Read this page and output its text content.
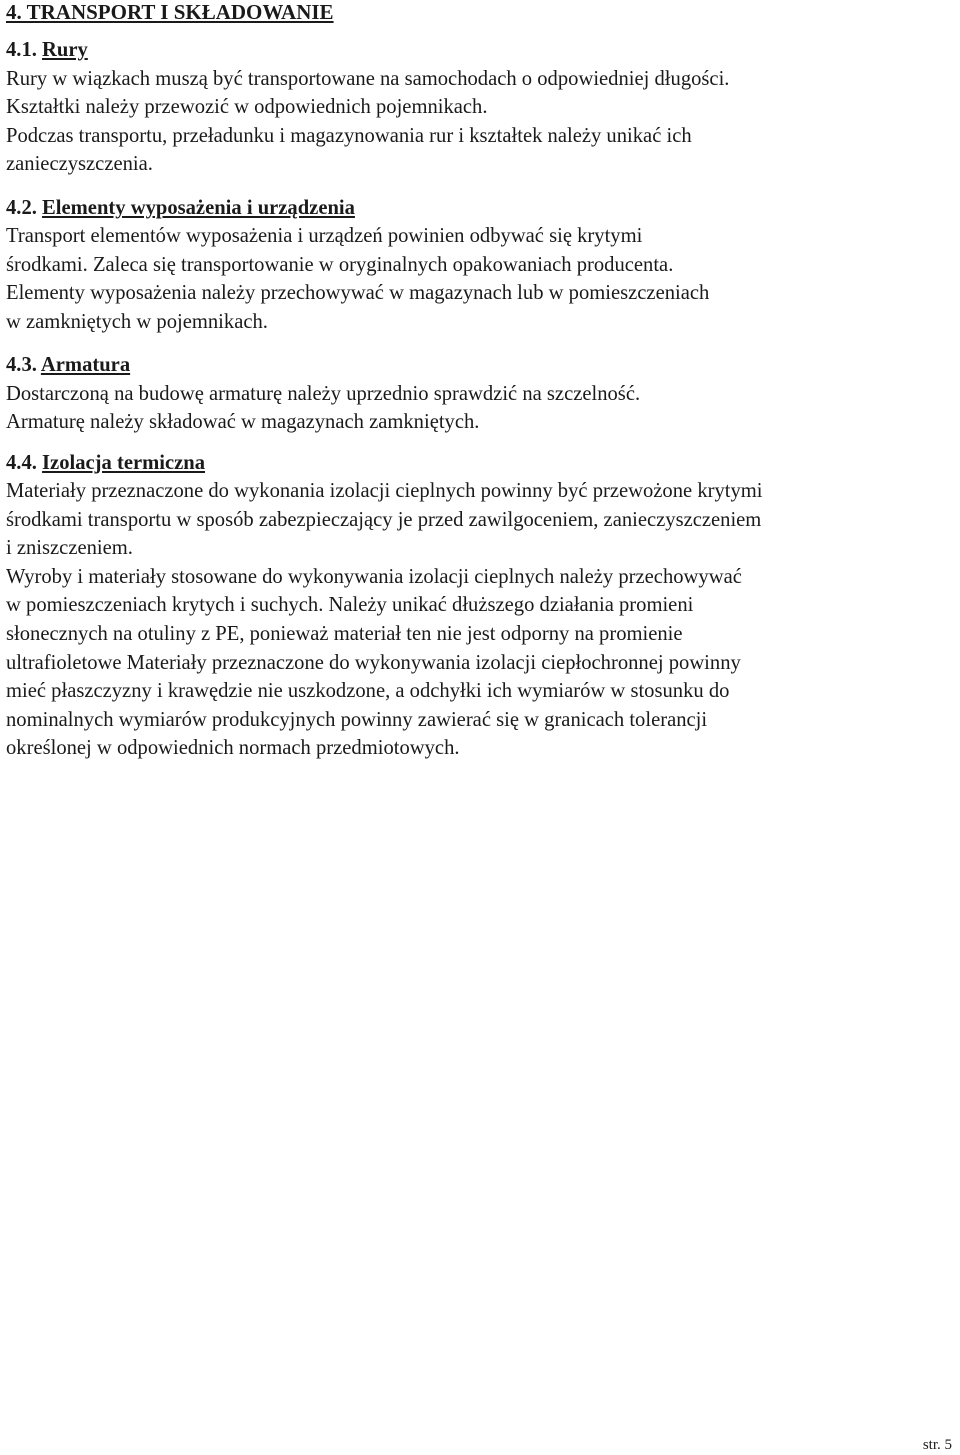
4. TRANSPORT I SKŁADOWANIE
4.1. Rury
Rury w wiązkach muszą być transportowane na samochodach o odpowiedniej długości.
Kształtki należy przewozić w odpowiednich pojemnikach.
Podczas transportu, przeładunku i magazynowania rur i kształtek należy unikać ich
zanieczyszczenia.
4.2. Elementy wyposażenia i urządzenia
Transport elementów wyposażenia i urządzeń powinien odbywać się krytymi
środkami. Zaleca się transportowanie w oryginalnych opakowaniach producenta.
Elementy wyposażenia należy przechowywać w magazynach lub w pomieszczeniach
w zamkniętych w pojemnikach.
4.3. Armatura
Dostarczoną na budowę armaturę należy uprzednio sprawdzić na szczelność.
Armaturę należy składować w magazynach zamkniętych.
4.4. Izolacja termiczna
Materiały przeznaczone do wykonania izolacji cieplnych powinny być przewożone krytymi
środkami transportu w sposób zabezpieczający je przed zawilgoceniem, zanieczyszczeniem
i zniszczeniem.
Wyroby i materiały stosowane do wykonywania izolacji cieplnych należy przechowywać
w pomieszczeniach krytych i suchych. Należy unikać dłuższego działania promieni
słonecznych na otuliny z PE, ponieważ materiał ten nie jest odporny na promienie
ultrafioletowe Materiały przeznaczone do wykonywania izolacji ciepłochronnej powinny
mieć płaszczyzny i krawędzie nie uszkodzone, a odchyłki ich wymiarów w stosunku do
nominalnych wymiarów produkcyjnych powinny zawierać się w granicach tolerancji
określonej w odpowiednich normach przedmiotowych.
str. 5
